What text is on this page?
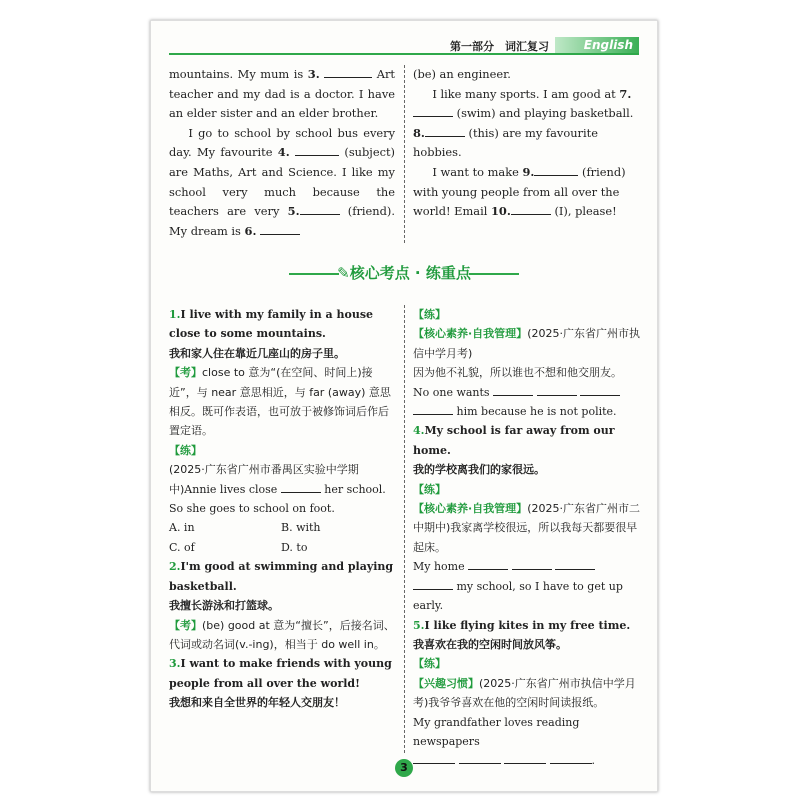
第一部分　词汇复习	English
mountains. My mum is 3.	Art teacher and my dad is a doctor. I have an elder sister and an elder brother.
I go to school by school bus every day. My favourite 4.	(subject) are Maths, Art and Science. I like my school very much because the teachers are very 5.	(friend). My dream is 6.
(be) an engineer.
I like many sports. I am good at 7. (swim) and playing basketball. 8.	(this) are my favourite hobbies.
I want to make 9.	(friend) with young people from all over the world! Email 10.	(I), please!
✎核心考点 · 练重点
1.I live with my family in a house close to some mountains.
我和家人住在靠近几座山的房子里。
【考】close to 意为“(在空间、时间上)接近”，与 near 意思相近，与 far (away) 意思相反。既可作表语，也可放于被修饰词后作后置定语。
【练】
(2025·广东省广州市番禺区实验中学期中)Annie lives close	her school. So she goes to school on foot.
A. in	B. with
C. of	D. to
2.I'm good at swimming and playing basketball.
我擅长游泳和打篮球。
【考】(be) good at 意为“擅长”，后接名词、代词或动名词(v.-ing)，相当于 do well in。
3.I want to make friends with young people from all over the world!
我想和来自全世界的年轻人交朋友！
【练】
【核心素养·自我管理】(2025·广东省广州市执信中学月考)
因为他不礼貌，所以谁也不想和他交朋友。
No one wants
him because he is not polite.
4.My school is far away from our home.
我的学校离我们的家很远。
【练】
【核心素养·自我管理】(2025·广东省广州市二中期中)我家离学校很远，所以我每天都要很早起床。
My home
my school, so I have to get up early.
5.I like flying kites in my free time.
我喜欢在我的空闲时间放风筝。
【练】
【兴趣习惯】(2025·广东省广州市执信中学月考)我爷爷喜欢在他的空闲时间读报纸。
My grandfather loves reading newspapers
.
3
